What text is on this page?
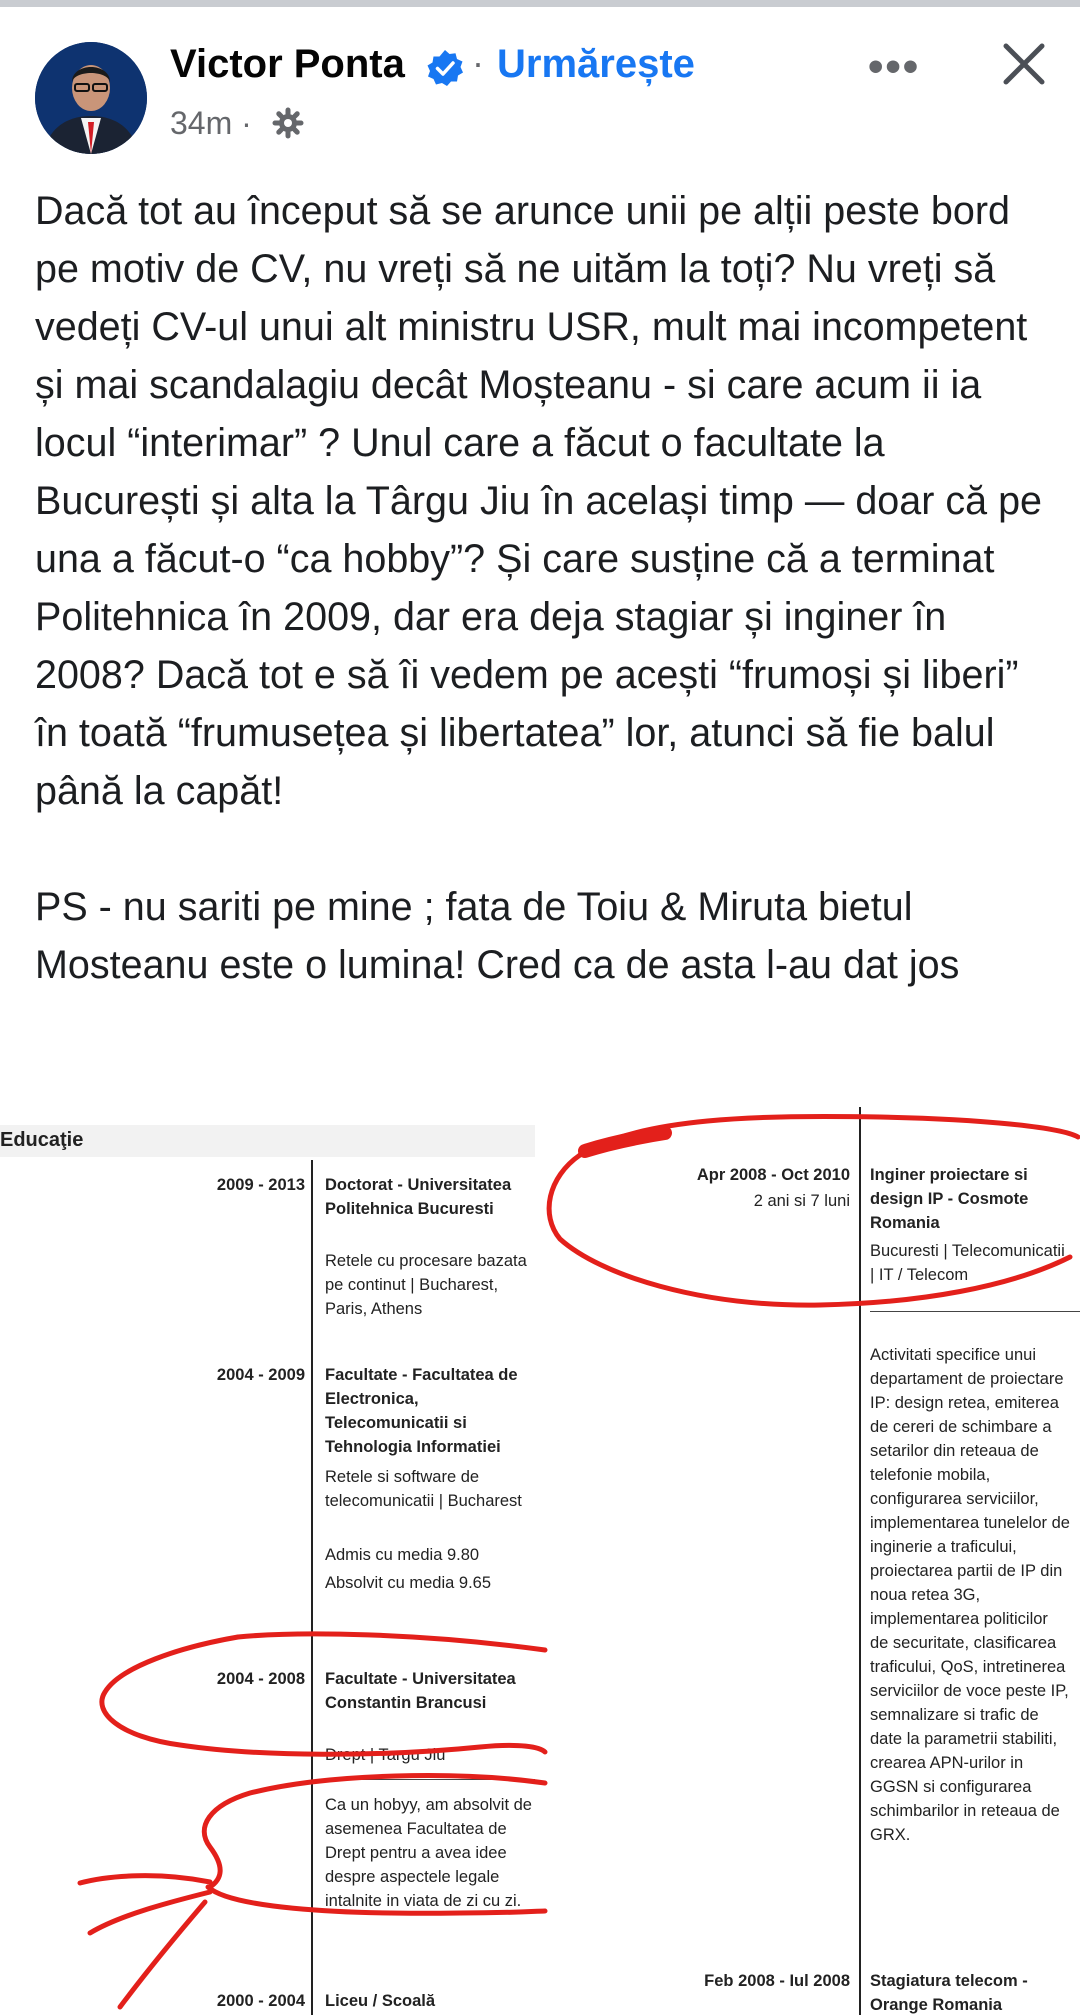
Victor Ponta · Urmărește	•••
34m ·

Dacă tot au început să se arunce unii pe alții peste bord pe motiv de CV, nu vreți să ne uităm la toți? Nu vreți să vedeți CV-ul unui alt ministru USR, mult mai incompetent și mai scandalagiu decât Moșteanu - si care acum ii ia locul “interimar” ? Unul care a făcut o facultate la București și alta la Târgu Jiu în același timp — doar că pe una a făcut-o “ca hobby”? Și care susține că a terminat Politehnica în 2009, dar era deja stagiar și inginer în 2008? Dacă tot e să îi vedem pe acești “frumoși și liberi” în toată “frumusețea și libertatea” lor, atunci să fie balul până la capăt!

PS - nu sariti pe mine ; fata de Toiu & Miruta bietul Mosteanu este o lumina! Cred ca de asta l-au dat jos

Educaţie
2009 - 2013 Doctorat - Universitatea Politehnica Bucuresti
Retele cu procesare bazata pe continut | Bucharest, Paris, Athens
2004 - 2009 Facultate - Facultatea de Electronica, Telecomunicatii si Tehnologia Informatiei
Retele si software de telecomunicatii | Bucharest
Admis cu media 9.80
Absolvit cu media 9.65
2004 - 2008 Facultate - Universitatea Constantin Brancusi
Drept | Targu Jiu
Ca un hobyy, am absolvit de asemenea Facultatea de Drept pentru a avea idee despre aspectele legale intalnite in viata de zi cu zi.
2000 - 2004 Liceu / Scoală
Apr 2008 - Oct 2010
2 ani si 7 luni
Inginer proiectare si design IP - Cosmote Romania
Bucuresti | Telecomunicatii | IT / Telecom
Activitati specifice unui departament de proiectare IP: design retea, emiterea de cereri de schimbare a setarilor din reteaua de telefonie mobila, configurarea serviciilor, implementarea tunelelor de inginerie a traficului, proiectarea partii de IP din noua retea 3G, implementarea politicilor de securitate, clasificarea traficului, QoS, intretinerea serviciilor de voce peste IP, semnalizare si trafic de date la parametrii stabiliti, crearea APN-urilor in GGSN si configurarea schimbarilor in reteaua de GRX.
Feb 2008 - Iul 2008 Stagiatura telecom - Orange Romania
